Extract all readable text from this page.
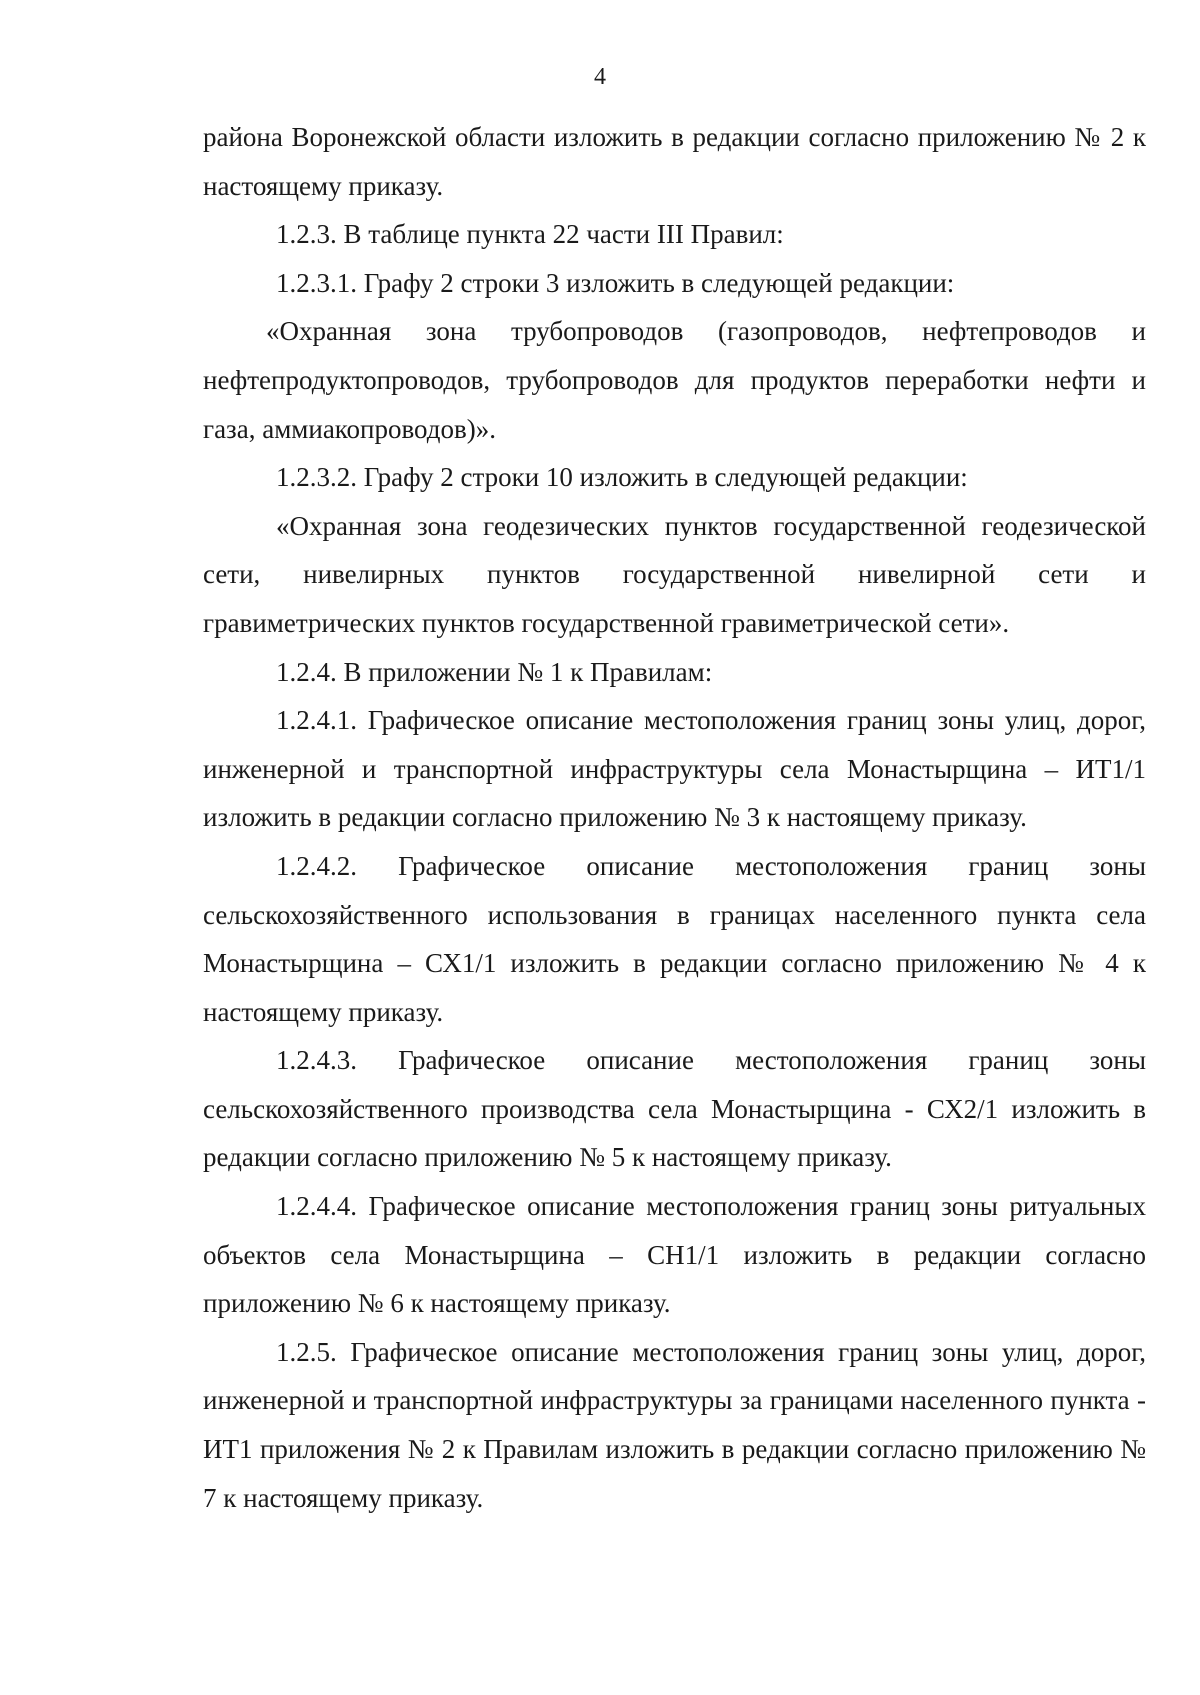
4

района Воронежской области изложить в редакции согласно приложению № 2 к настоящему приказу.

1.2.3. В таблице пункта 22 части III Правил:

1.2.3.1. Графу 2 строки 3 изложить в следующей редакции:

«Охранная зона трубопроводов (газопроводов, нефтепроводов и нефтепродуктопроводов, трубопроводов для продуктов переработки нефти и газа, аммиакопроводов)».

1.2.3.2. Графу 2 строки 10 изложить в следующей редакции:

«Охранная зона геодезических пунктов государственной геодезической сети, нивелирных пунктов государственной нивелирной сети и гравиметрических пунктов государственной гравиметрической сети».

1.2.4. В приложении № 1 к Правилам:

1.2.4.1. Графическое описание местоположения границ зоны улиц, дорог, инженерной и транспортной инфраструктуры села Монастырщина – ИТ1/1 изложить в редакции согласно приложению № 3 к настоящему приказу.

1.2.4.2. Графическое описание местоположения границ зоны сельскохозяйственного использования в границах населенного пункта села Монастырщина – СХ1/1 изложить в редакции согласно приложению № 4 к настоящему приказу.

1.2.4.3. Графическое описание местоположения границ зоны сельскохозяйственного производства села Монастырщина - СХ2/1 изложить в редакции согласно приложению № 5 к настоящему приказу.

1.2.4.4. Графическое описание местоположения границ зоны ритуальных объектов села Монастырщина – СН1/1 изложить в редакции согласно приложению № 6 к настоящему приказу.

1.2.5. Графическое описание местоположения границ зоны улиц, дорог, инженерной и транспортной инфраструктуры за границами населенного пункта - ИТ1 приложения № 2 к Правилам изложить в редакции согласно приложению № 7 к настоящему приказу.
